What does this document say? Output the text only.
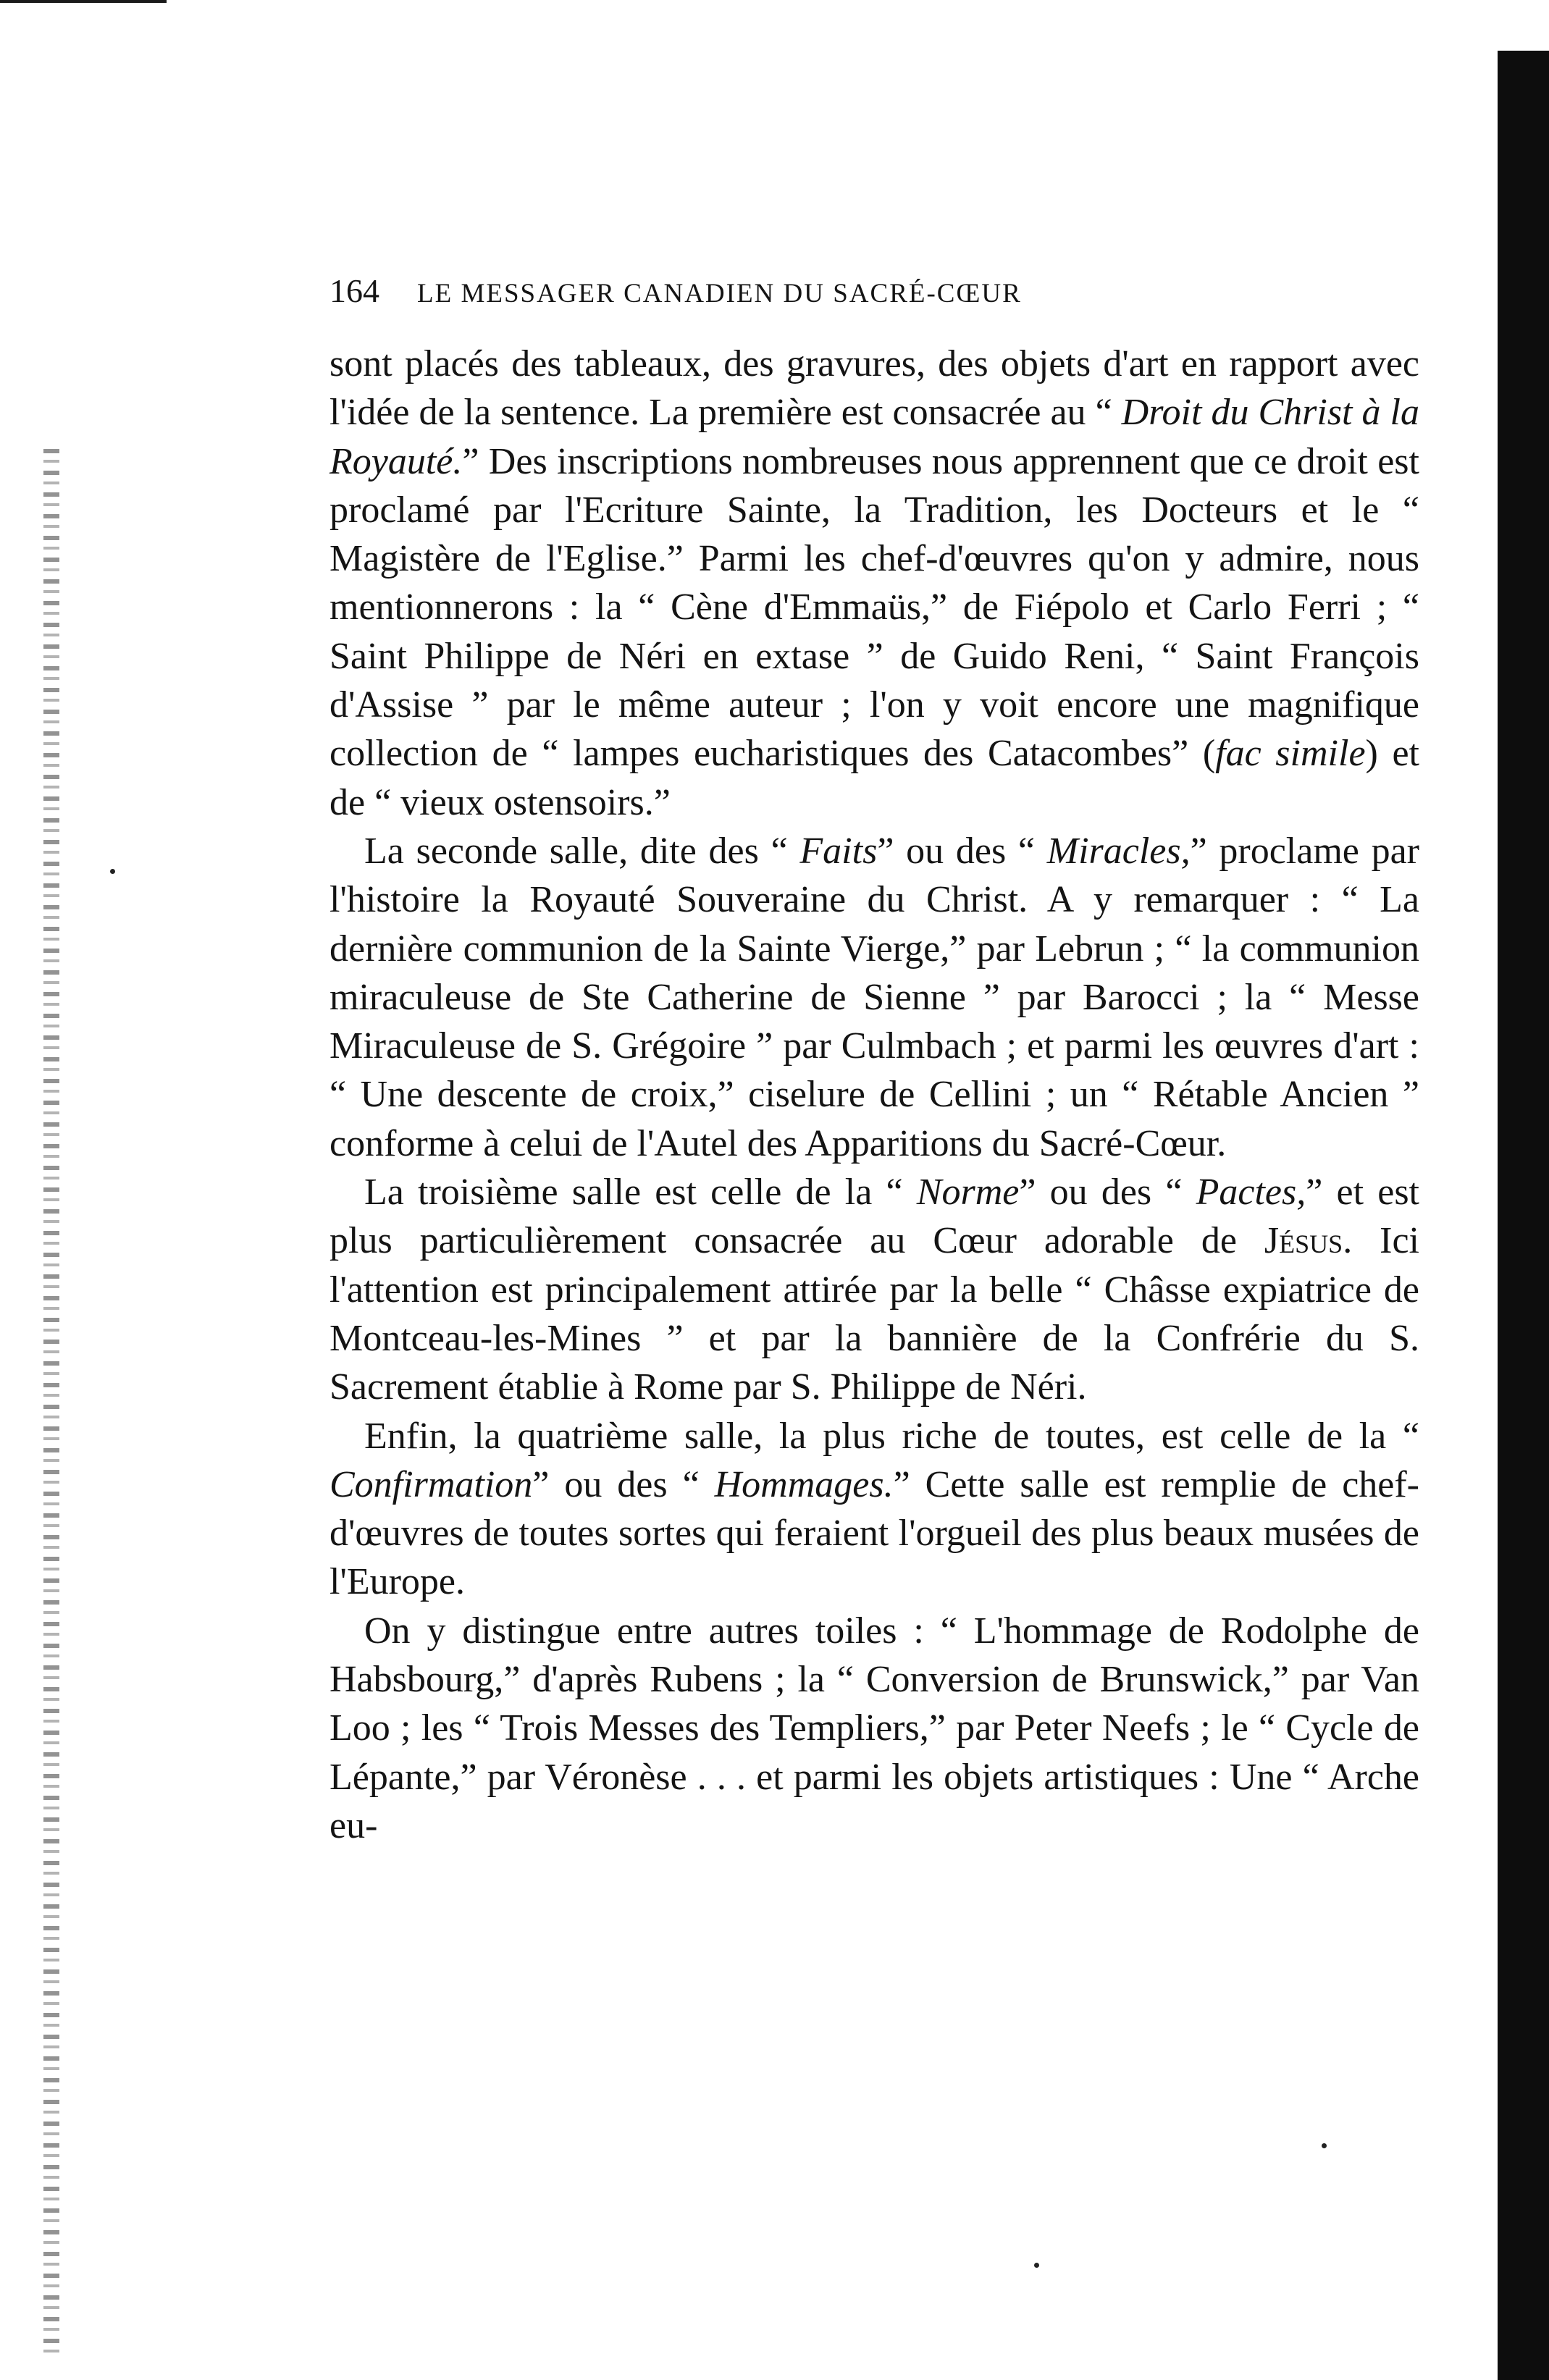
164 LE MESSAGER CANADIEN DU SACRÉ-CŒUR

sont placés des tableaux, des gravures, des objets d'art en rapport avec l'idée de la sentence. La première est consacrée au “ Droit du Christ à la Royauté.” Des inscriptions nombreuses nous apprennent que ce droit est proclamé par l'Ecriture Sainte, la Tradition, les Docteurs et le “ Magistère de l'Eglise.” Parmi les chef-d'œuvres qu'on y admire, nous mentionnerons : la “ Cène d'Emmaüs,” de Fiépolo et Carlo Ferri ; “ Saint Philippe de Néri en extase ” de Guido Reni, “ Saint François d'Assise ” par le même auteur ; l'on y voit encore une magnifique collection de “ lampes eucharistiques des Catacombes” (fac simile) et de “ vieux ostensoirs.”

La seconde salle, dite des “ Faits” ou des “ Miracles,” proclame par l'histoire la Royauté Souveraine du Christ. A y remarquer : “ La dernière communion de la Sainte Vierge,” par Lebrun ; “ la communion miraculeuse de Ste Catherine de Sienne ” par Barocci ; la “ Messe Miraculeuse de S. Grégoire ” par Culmbach ; et parmi les œuvres d'art : “ Une descente de croix,” ciselure de Cellini ; un “ Rétable Ancien ” conforme à celui de l'Autel des Apparitions du Sacré-Cœur.

La troisième salle est celle de la “ Norme” ou des “ Pactes,” et est plus particulièrement consacrée au Cœur adorable de Jésus. Ici l'attention est principalement attirée par la belle “ Châsse expiatrice de Montceau-les-Mines ” et par la bannière de la Confrérie du S. Sacrement établie à Rome par S. Philippe de Néri.

Enfin, la quatrième salle, la plus riche de toutes, est celle de la “ Confirmation” ou des “ Hommages.” Cette salle est remplie de chef-d'œuvres de toutes sortes qui feraient l'orgueil des plus beaux musées de l'Europe.

On y distingue entre autres toiles : “ L'hommage de Rodolphe de Habsbourg,” d'après Rubens ; la “ Conversion de Brunswick,” par Van Loo ; les “ Trois Messes des Templiers,” par Peter Neefs ; le “ Cycle de Lépante,” par Véronèse . . . et parmi les objets artistiques : Une “ Arche eu-
